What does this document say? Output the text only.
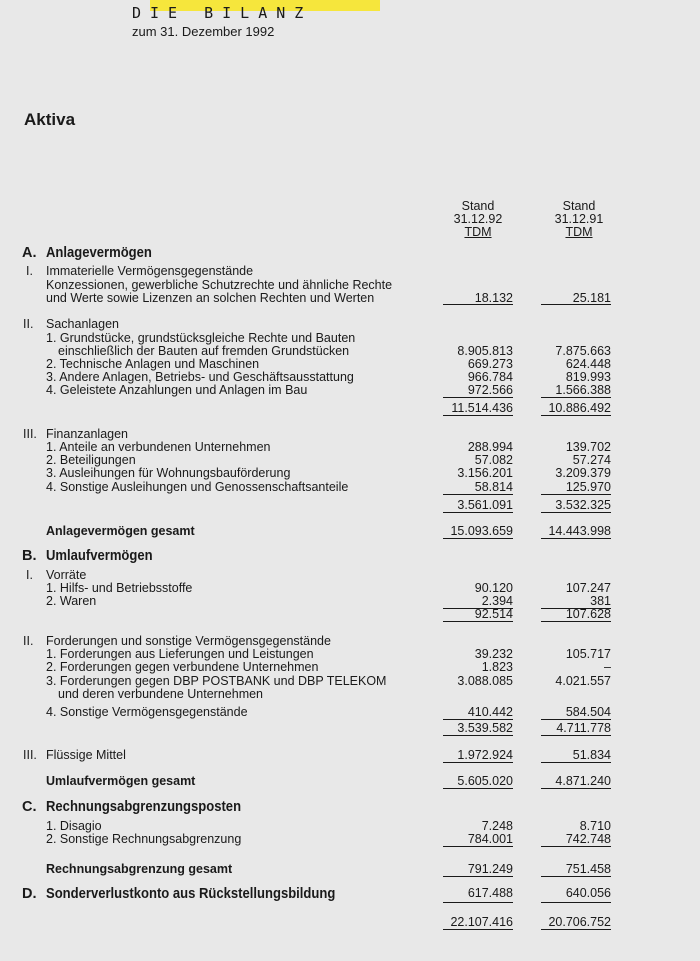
DIE BILANZ
zum 31. Dezember 1992
Aktiva
Stand
31.12.92
TDM
Stand
31.12.91
TDM
A. Anlagevermögen
I. Immaterielle Vermögensgegenstände
Konzessionen, gewerbliche Schutzrechte und ähnliche Rechte
und Werte sowie Lizenzen an solchen Rechten und Werten	18.132	25.181
II. Sachanlagen
1. Grundstücke, grundstücksgleiche Rechte und Bauten
einschließlich der Bauten auf fremden Grundstücken	8.905.813	7.875.663
2. Technische Anlagen und Maschinen	669.273	624.448
3. Andere Anlagen, Betriebs- und Geschäftsausstattung	966.784	819.993
4. Geleistete Anzahlungen und Anlagen im Bau	972.566	1.566.388
11.514.436	10.886.492
III. Finanzanlagen
1. Anteile an verbundenen Unternehmen	288.994	139.702
2. Beteiligungen	57.082	57.274
3. Ausleihungen für Wohnungsbauförderung	3.156.201	3.209.379
4. Sonstige Ausleihungen und Genossenschaftsanteile	58.814	125.970
3.561.091	3.532.325
Anlagevermögen gesamt	15.093.659	14.443.998
B. Umlaufvermögen
I. Vorräte
1. Hilfs- und Betriebsstoffe	90.120	107.247
2. Waren	2.394	381
92.514	107.628
II. Forderungen und sonstige Vermögensgegenstände
1. Forderungen aus Lieferungen und Leistungen	39.232	105.717
2. Forderungen gegen verbundene Unternehmen	1.823	–
3. Forderungen gegen DBP POSTBANK und DBP TELEKOM	3.088.085	4.021.557
und deren verbundene Unternehmen
4. Sonstige Vermögensgegenstände	410.442	584.504
3.539.582	4.711.778
III. Flüssige Mittel	1.972.924	51.834
Umlaufvermögen gesamt	5.605.020	4.871.240
C. Rechnungsabgrenzungsposten
1. Disagio	7.248	8.710
2. Sonstige Rechnungsabgrenzung	784.001	742.748
Rechnungsabgrenzung gesamt	791.249	751.458
D. Sonderverlustkonto aus Rückstellungsbildung	617.488	640.056
22.107.416	20.706.752
